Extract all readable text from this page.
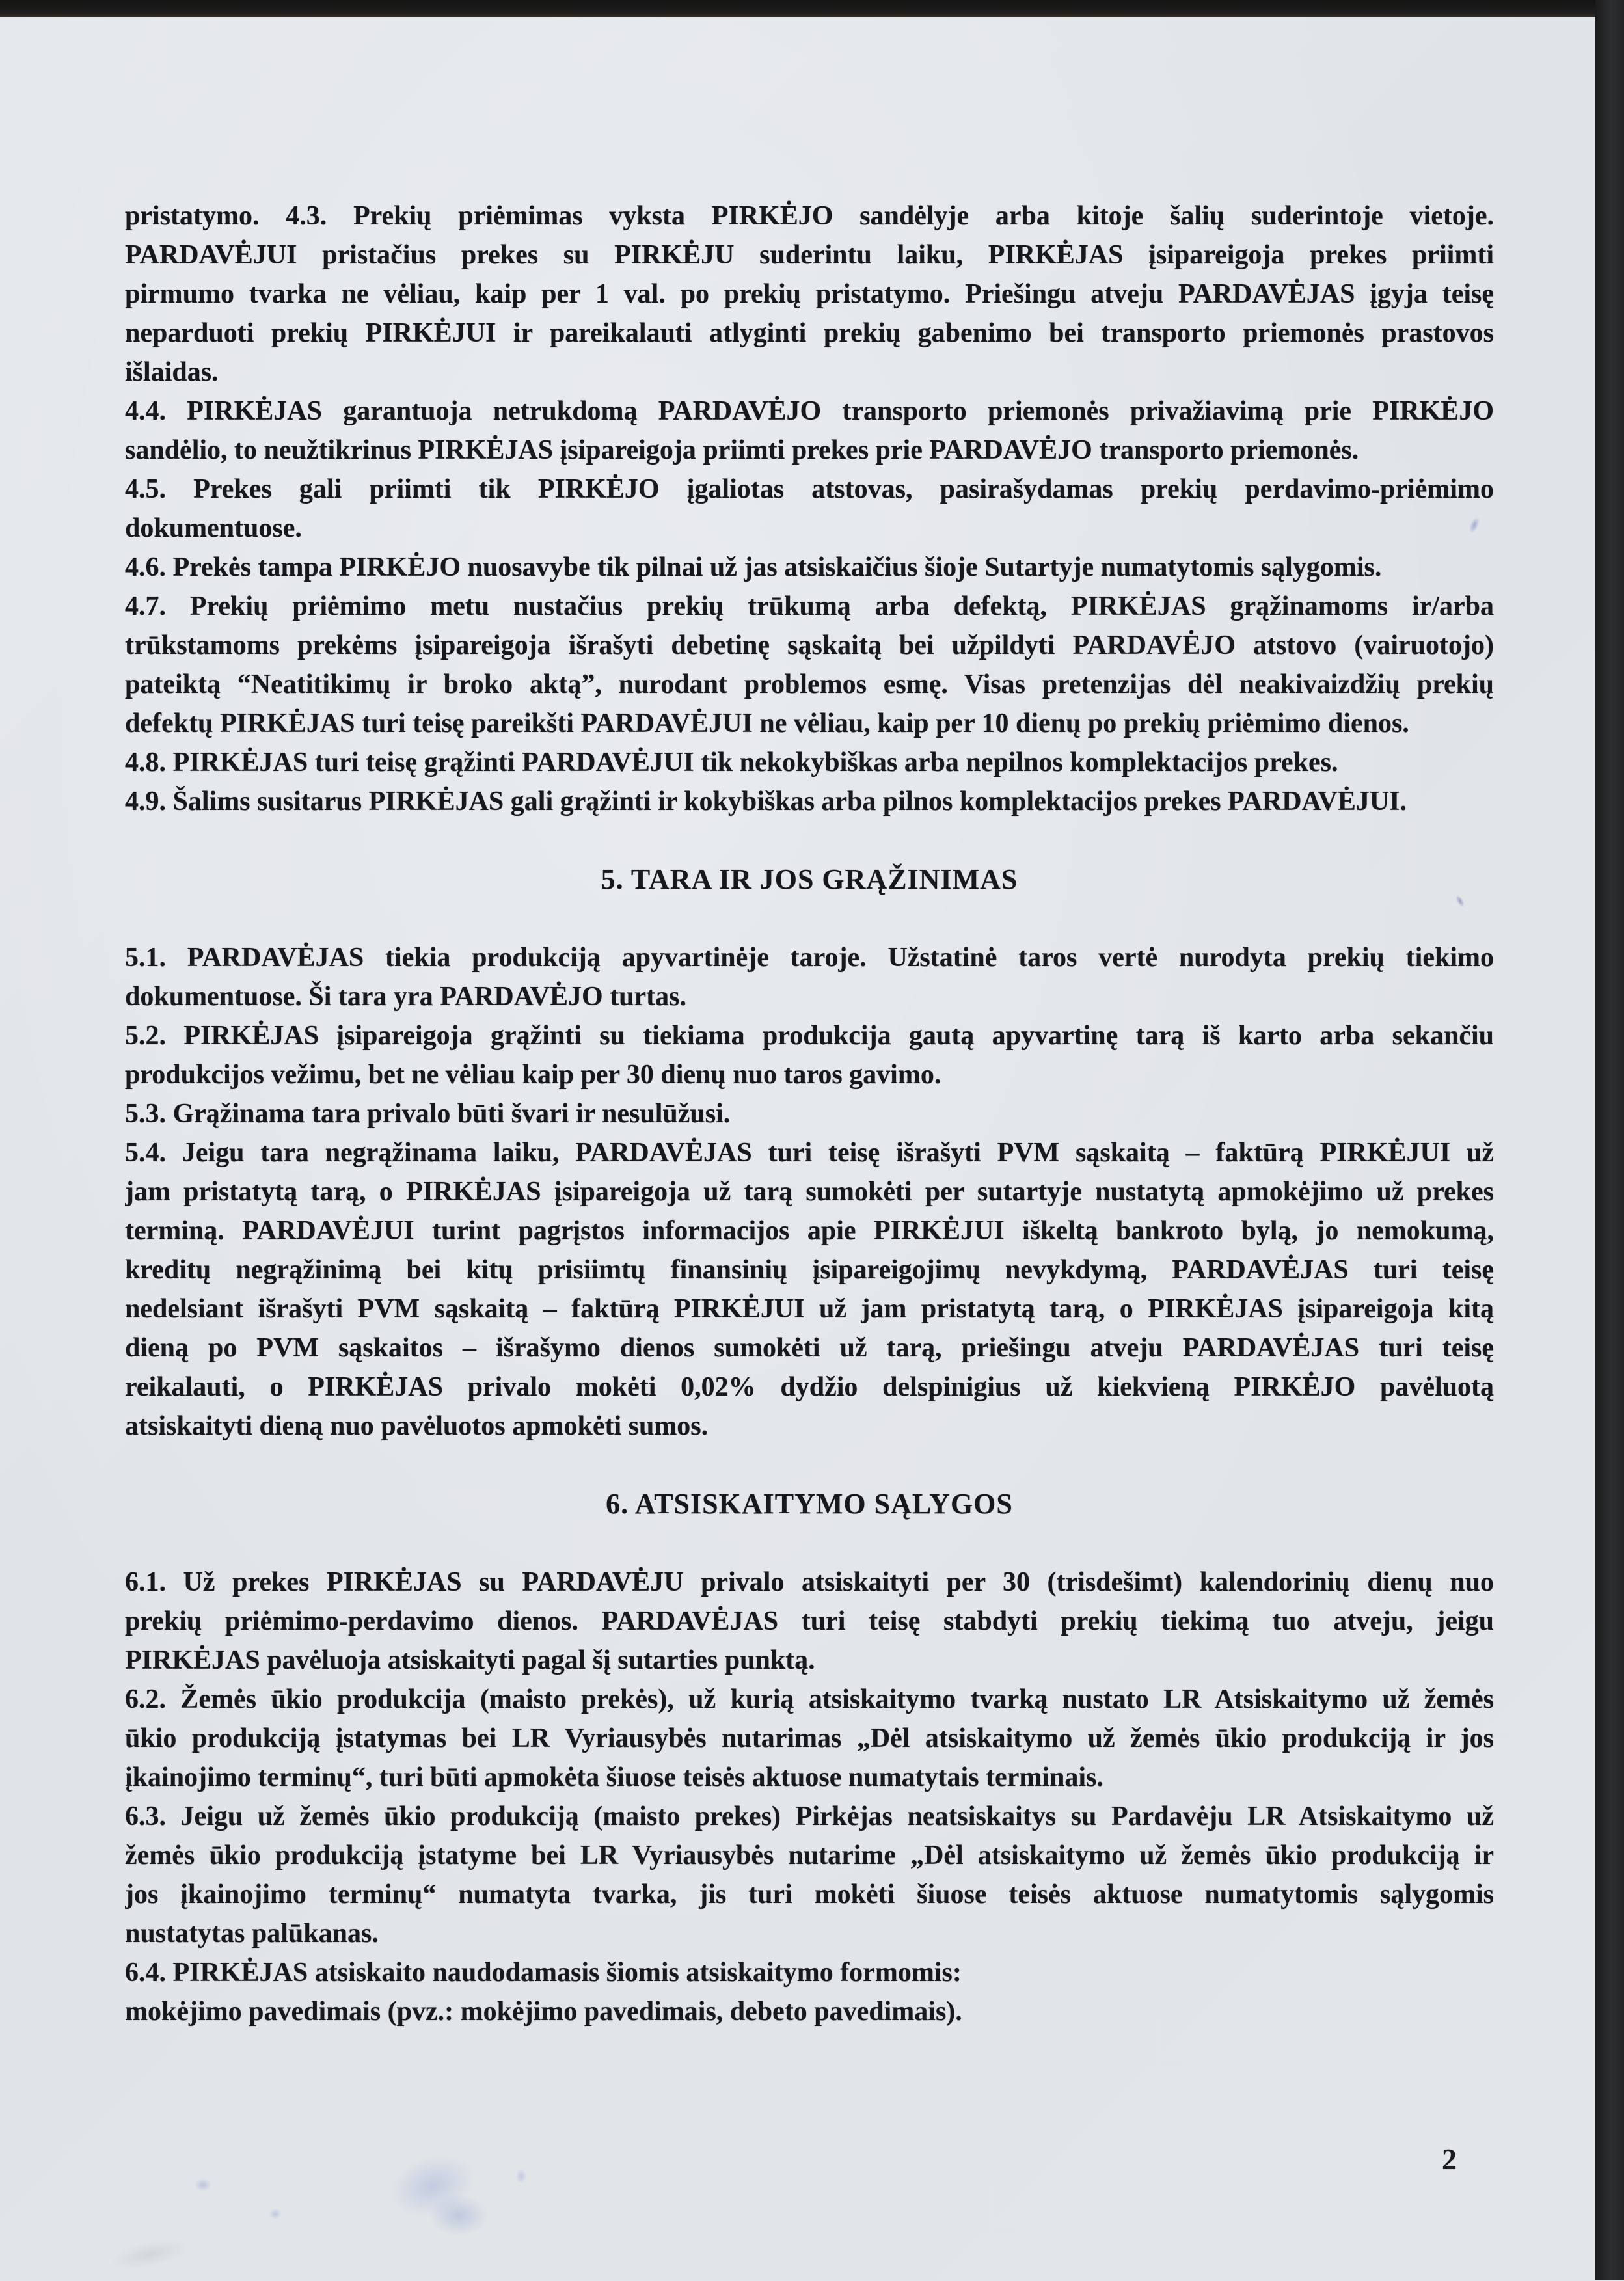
pristatymo. 4.3. Prekių priėmimas vyksta PIRKĖJO sandėlyje arba kitoje šalių suderintoje vietoje.
PARDAVĖJUI pristačius prekes su PIRKĖJU suderintu laiku, PIRKĖJAS įsipareigoja prekes priimti
pirmumo tvarka ne vėliau, kaip per 1 val. po prekių pristatymo. Priešingu atveju PARDAVĖJAS įgyja teisę
neparduoti prekių PIRKĖJUI ir pareikalauti atlyginti prekių gabenimo bei transporto priemonės prastovos
išlaidas.
4.4. PIRKĖJAS garantuoja netrukdomą PARDAVĖJO transporto priemonės privažiavimą prie PIRKĖJO
sandėlio, to neužtikrinus PIRKĖJAS įsipareigoja priimti prekes prie PARDAVĖJO transporto priemonės.
4.5. Prekes gali priimti tik PIRKĖJO įgaliotas atstovas, pasirašydamas prekių perdavimo-priėmimo
dokumentuose.
4.6. Prekės tampa PIRKĖJO nuosavybe tik pilnai už jas atsiskaičius šioje Sutartyje numatytomis sąlygomis.
4.7. Prekių priėmimo metu nustačius prekių trūkumą arba defektą, PIRKĖJAS grąžinamoms ir/arba
trūkstamoms prekėms įsipareigoja išrašyti debetinę sąskaitą bei užpildyti PARDAVĖJO atstovo (vairuotojo)
pateiktą “Neatitikimų ir broko aktą”, nurodant problemos esmę. Visas pretenzijas dėl neakivaizdžių prekių
defektų PIRKĖJAS turi teisę pareikšti PARDAVĖJUI ne vėliau, kaip per 10 dienų po prekių priėmimo dienos.
4.8. PIRKĖJAS turi teisę grąžinti PARDAVĖJUI tik nekokybiškas arba nepilnos komplektacijos prekes.
4.9. Šalims susitarus PIRKĖJAS gali grąžinti ir kokybiškas arba pilnos komplektacijos prekes PARDAVĖJUI.
5. TARA IR JOS GRĄŽINIMAS
5.1. PARDAVĖJAS tiekia produkciją apyvartinėje taroje. Užstatinė taros vertė nurodyta prekių tiekimo
dokumentuose. Ši tara yra PARDAVĖJO turtas.
5.2. PIRKĖJAS įsipareigoja grąžinti su tiekiama produkcija gautą apyvartinę tarą iš karto arba sekančiu
produkcijos vežimu, bet ne vėliau kaip per 30 dienų nuo taros gavimo.
5.3. Grąžinama tara privalo būti švari ir nesulūžusi.
5.4. Jeigu tara negrąžinama laiku, PARDAVĖJAS turi teisę išrašyti PVM sąskaitą – faktūrą PIRKĖJUI už
jam pristatytą tarą, o PIRKĖJAS įsipareigoja už tarą sumokėti per sutartyje nustatytą apmokėjimo už prekes
terminą. PARDAVĖJUI turint pagrįstos informacijos apie PIRKĖJUI iškeltą bankroto bylą, jo nemokumą,
kreditų negrąžinimą bei kitų prisiimtų finansinių įsipareigojimų nevykdymą, PARDAVĖJAS turi teisę
nedelsiant išrašyti PVM sąskaitą – faktūrą PIRKĖJUI už jam pristatytą tarą, o PIRKĖJAS įsipareigoja kitą
dieną po PVM sąskaitos – išrašymo dienos sumokėti už tarą, priešingu atveju PARDAVĖJAS turi teisę
reikalauti, o PIRKĖJAS privalo mokėti 0,02% dydžio delspinigius už kiekvieną PIRKĖJO pavėluotą
atsiskaityti dieną nuo pavėluotos apmokėti sumos.
6. ATSISKAITYMO SĄLYGOS
6.1. Už prekes PIRKĖJAS su PARDAVĖJU privalo atsiskaityti per 30 (trisdešimt) kalendorinių dienų nuo
prekių priėmimo-perdavimo dienos. PARDAVĖJAS turi teisę stabdyti prekių tiekimą tuo atveju, jeigu
PIRKĖJAS pavėluoja atsiskaityti pagal šį sutarties punktą.
6.2. Žemės ūkio produkcija (maisto prekės), už kurią atsiskaitymo tvarką nustato LR Atsiskaitymo už žemės
ūkio produkciją įstatymas bei LR Vyriausybės nutarimas „Dėl atsiskaitymo už žemės ūkio produkciją ir jos
įkainojimo terminų“, turi būti apmokėta šiuose teisės aktuose numatytais terminais.
6.3. Jeigu už žemės ūkio produkciją (maisto prekes) Pirkėjas neatsiskaitys su Pardavėju LR Atsiskaitymo už
žemės ūkio produkciją įstatyme bei LR Vyriausybės nutarime „Dėl atsiskaitymo už žemės ūkio produkciją ir
jos įkainojimo terminų“ numatyta tvarka, jis turi mokėti šiuose teisės aktuose numatytomis sąlygomis
nustatytas palūkanas.
6.4. PIRKĖJAS atsiskaito naudodamasis šiomis atsiskaitymo formomis:
mokėjimo pavedimais (pvz.: mokėjimo pavedimais, debeto pavedimais).
2
